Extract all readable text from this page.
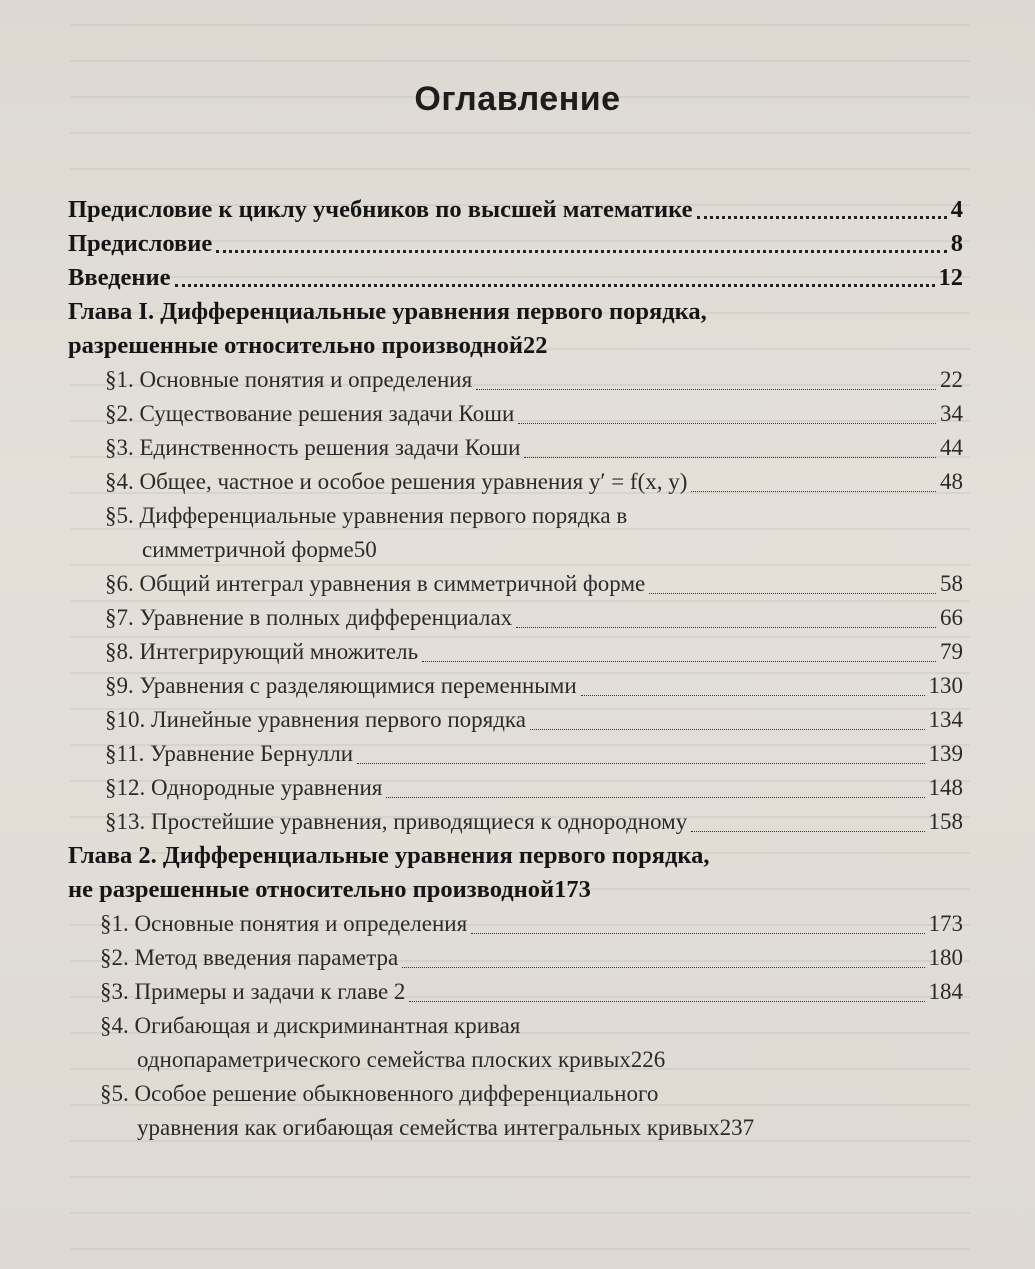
Оглавление
Предисловие к циклу учебников по высшей математике	4
Предисловие	8
Введение	12
Глава I. Дифференциальные уравнения первого порядка,
разрешенные относительно производной 22
§1. Основные понятия и определения	22
§2. Существование решения задачи Коши	34
§3. Единственность решения задачи Коши	44
§4. Общее, частное и особое решения уравнения y′ = f(x, y)	48
§5. Дифференциальные уравнения первого порядка в
симметричной форме 50
§6. Общий интеграл уравнения в симметричной форме	58
§7. Уравнение в полных дифференциалах	66
§8. Интегрирующий множитель	79
§9. Уравнения с разделяющимися переменными	130
§10. Линейные уравнения первого порядка	134
§11. Уравнение Бернулли	139
§12. Однородные уравнения	148
§13. Простейшие уравнения, приводящиеся к однородному	158
Глава 2. Дифференциальные уравнения первого порядка,
не разрешенные относительно производной 173
§1. Основные понятия и определения	173
§2. Метод введения параметра	180
§3. Примеры и задачи к главе 2	184
§4. Огибающая и дискриминантная кривая
однопараметрического семейства плоских кривых 226
§5. Особое решение обыкновенного дифференциального
уравнения как огибающая семейства интегральных кривых 237
